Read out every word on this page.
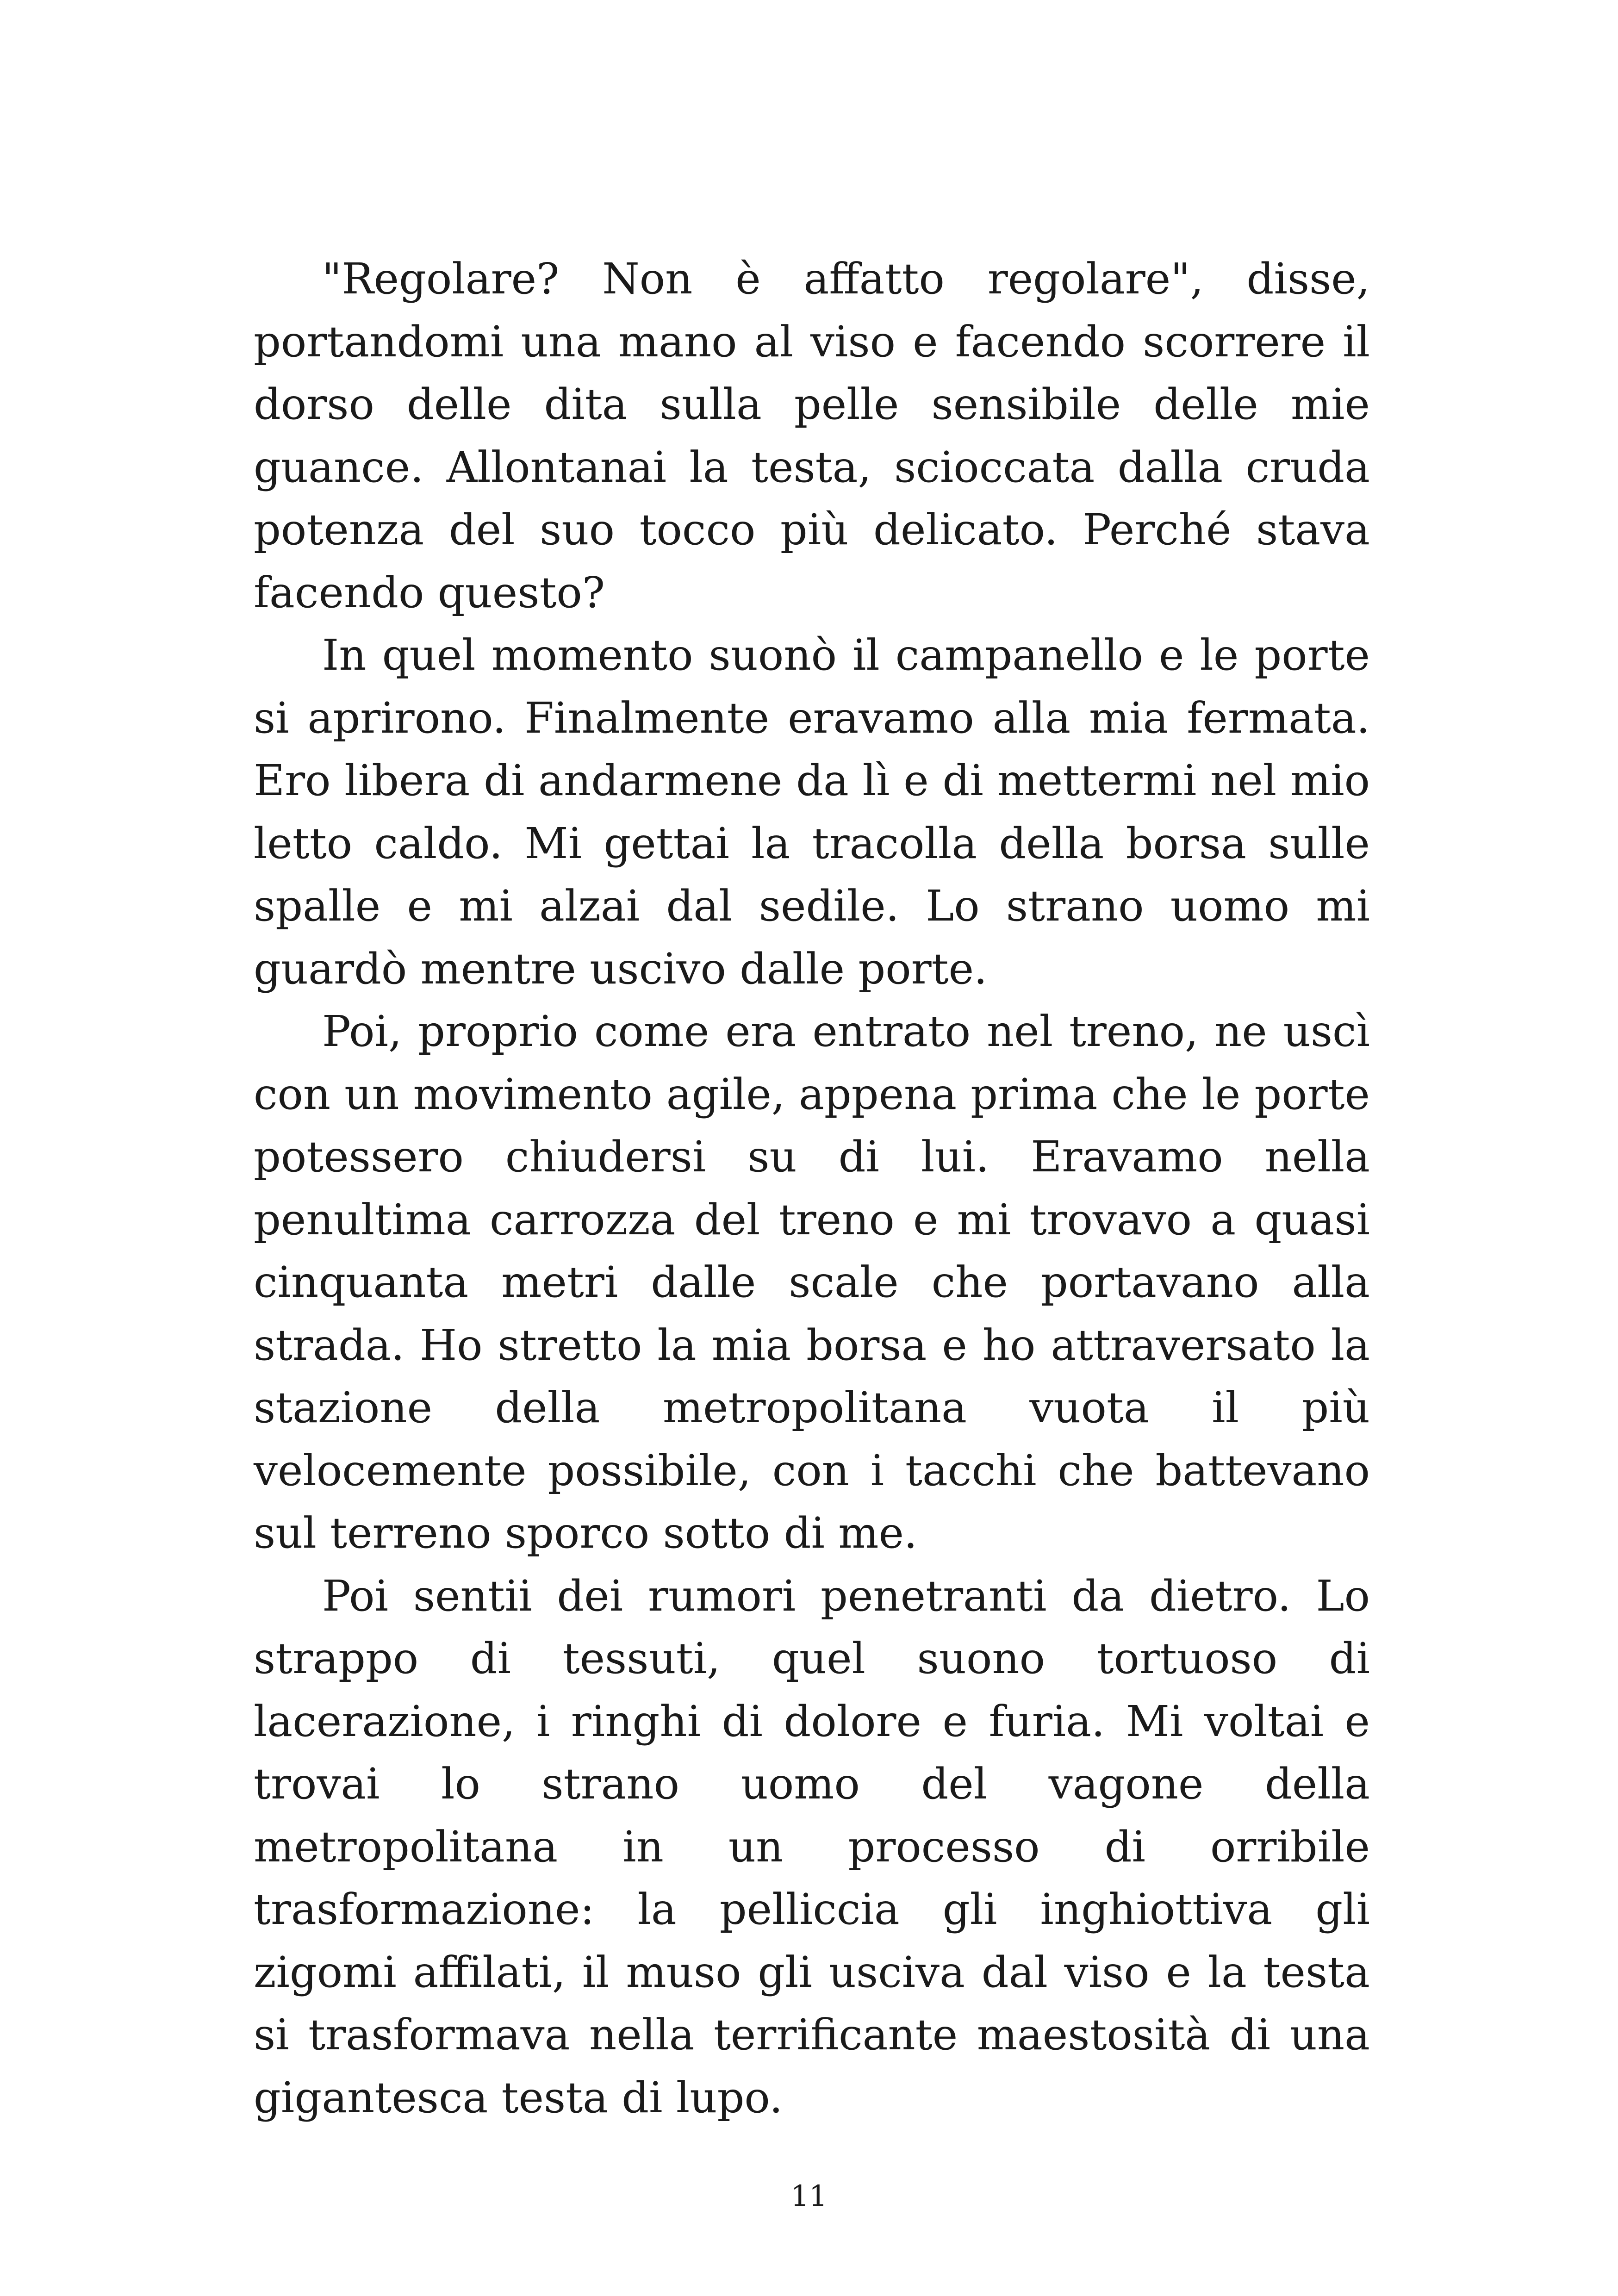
"Regolare? Non è affatto regolare", disse, portandomi una mano al viso e facendo scorrere il dorso delle dita sulla pelle sensibile delle mie guance. Allontanai la testa, scioccata dalla cruda potenza del suo tocco più delicato. Perché stava facendo questo?

In quel momento suonò il campanello e le porte si aprirono. Finalmente eravamo alla mia fermata. Ero libera di andarmene da lì e di mettermi nel mio letto caldo. Mi gettai la tracolla della borsa sulle spalle e mi alzai dal sedile. Lo strano uomo mi guardò mentre uscivo dalle porte.

Poi, proprio come era entrato nel treno, ne uscì con un movimento agile, appena prima che le porte potessero chiudersi su di lui. Eravamo nella penultima carrozza del treno e mi trovavo a quasi cinquanta metri dalle scale che portavano alla strada. Ho stretto la mia borsa e ho attraversato la stazione della metropolitana vuota il più velocemente possibile, con i tacchi che battevano sul terreno sporco sotto di me.

Poi sentii dei rumori penetranti da dietro. Lo strappo di tessuti, quel suono tortuoso di lacerazione, i ringhi di dolore e furia. Mi voltai e trovai lo strano uomo del vagone della metropolitana in un processo di orribile trasformazione: la pelliccia gli inghiottiva gli zigomi affilati, il muso gli usciva dal viso e la testa si trasformava nella terrificante maestosità di una gigantesca testa di lupo.

11
